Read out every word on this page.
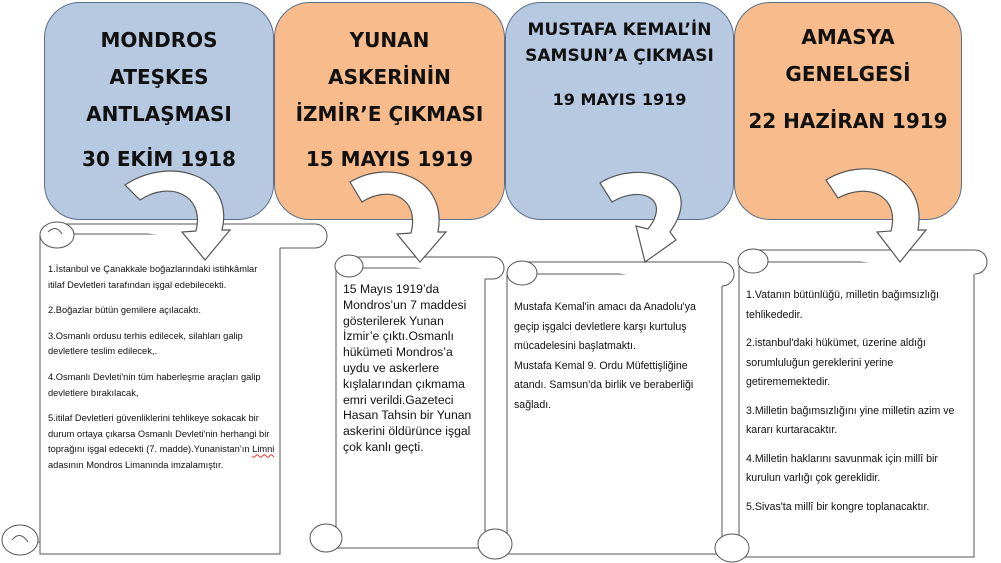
MONDROS
ATEŞKES
ANTLAŞMASI
30 EKİM 1918
YUNAN
ASKERİNİN
İZMİR’E ÇIKMASI
15 MAYIS 1919
MUSTAFA KEMAL’İN
SAMSUN’A ÇIKMASI
19 MAYIS 1919
AMASYA
GENELGESİ
22 HAZİRAN 1919

1.İstanbul ve Çanakkale boğazlarındaki istihkâmlar itilaf Devletleri tarafından işgal edebilecekti.

2.Boğazlar bütün gemilere açılacaktı.

3.Osmanlı ordusu terhis edilecek, silahları galip devletlere teslim edilecek,.

4.Osmanlı Devleti'nin tüm haberleşme araçları galip devletlere bırakılacak,

5.itilaf Devletleri güvenliklerini tehlikeye sokacak bir durum ortaya çıkarsa Osmanlı Devleti'nin herhangi bir toprağını işgal edecekti (7. madde).Yunanistan’ın Limni adasının Mondros Limanında imzalamıştır.

15 Mayıs 1919’da Mondros’un 7 maddesi gösterilerek Yunan İzmir’e çıktı.Osmanlı hükümeti Mondros’a uydu ve askerlere kışlalarından çıkmama emri verildi.Gazeteci Hasan Tahsin bir Yunan askerini öldürünce işgal çok kanlı geçti.
Mustafa Kemal'in amacı da Anadolu'ya geçip işgalci devletlere karşı kurtuluş mücadelesini başlatmaktı.
Mustafa Kemal 9. Ordu Müfettişliğine atandı. Samsun'da birlik ve beraberliği sağladı.

1.Vatanın bütünlüğü, milletin bağımsızlığı tehlikededir.

2.istanbul'daki hükümet, üzerine aldığı sorumluluğun gereklerini yerine getirememektedir.

3.Milletin bağımsızlığını yine milletin azim ve kararı kurtaracaktır.

4.Milletin haklarını savunmak için millî bir kurulun varlığı çok gereklidir.

5.Sivas'ta millî bir kongre toplanacaktır.
